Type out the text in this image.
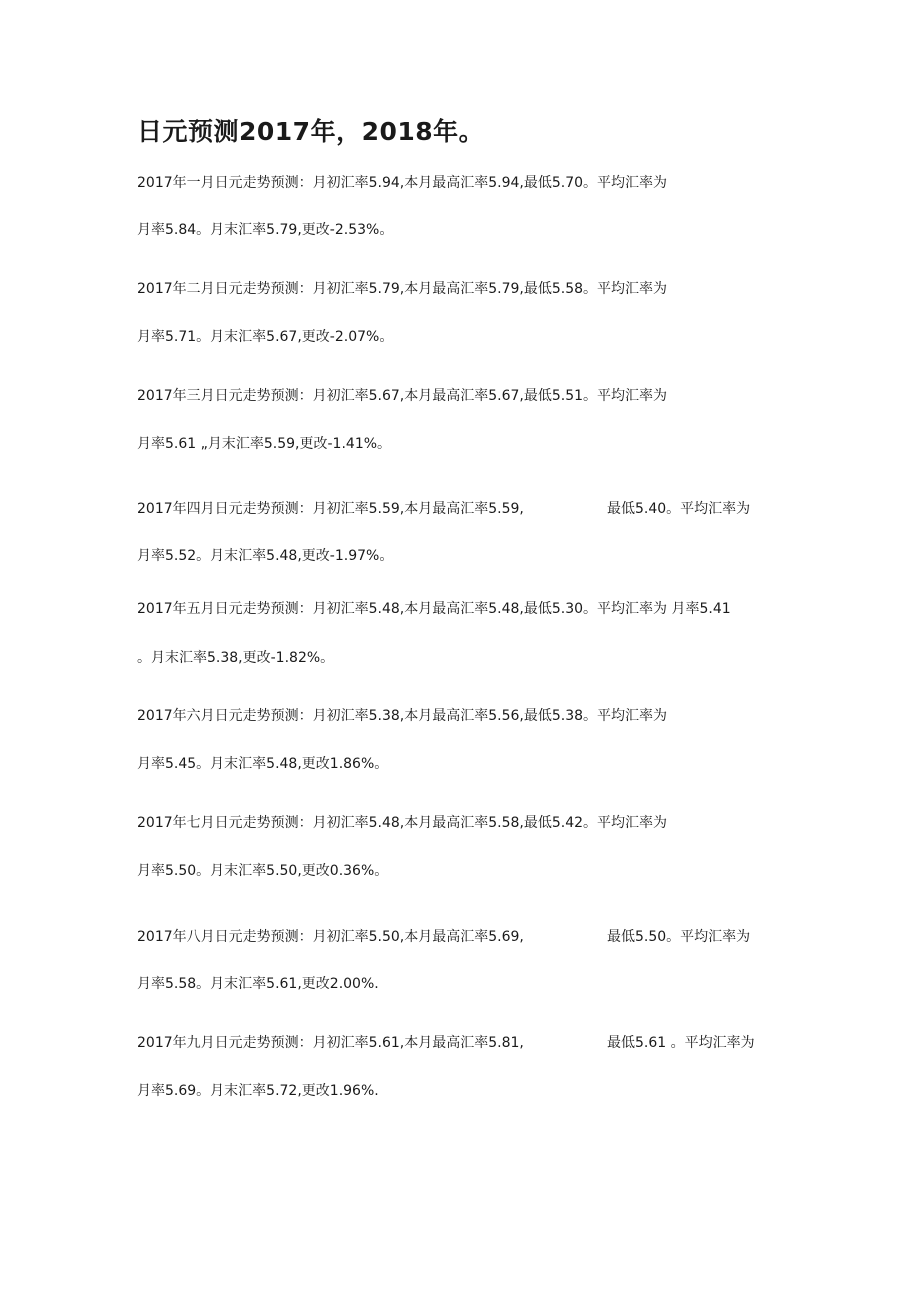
日元预测2017年，2018年。
2017年一月日元走势预测：月初汇率5.94,本月最高汇率5.94,最低5.70。平均汇率为
月率5.84。月末汇率5.79,更改-2.53%。
2017年二月日元走势预测：月初汇率5.79,本月最高汇率5.79,最低5.58。平均汇率为
月率5.71。月末汇率5.67,更改-2.07%。
2017年三月日元走势预测：月初汇率5.67,本月最高汇率5.67,最低5.51。平均汇率为
月率5.61 „月末汇率5.59,更改-1.41%。
2017年四月日元走势预测：月初汇率5.59,本月最高汇率5.59,	最低5.40。平均汇率为
月率5.52。月末汇率5.48,更改-1.97%。
2017年五月日元走势预测：月初汇率5.48,本月最高汇率5.48,最低5.30。平均汇率为 月率5.41
。月末汇率5.38,更改-1.82%。
2017年六月日元走势预测：月初汇率5.38,本月最高汇率5.56,最低5.38。平均汇率为
月率5.45。月末汇率5.48,更改1.86%。
2017年七月日元走势预测：月初汇率5.48,本月最高汇率5.58,最低5.42。平均汇率为
月率5.50。月末汇率5.50,更改0.36%。
2017年八月日元走势预测：月初汇率5.50,本月最高汇率5.69,	最低5.50。平均汇率为
月率5.58。月末汇率5.61,更改2.00%.
2017年九月日元走势预测：月初汇率5.61,本月最高汇率5.81,	最低5.61 。平均汇率为
月率5.69。月末汇率5.72,更改1.96%.
